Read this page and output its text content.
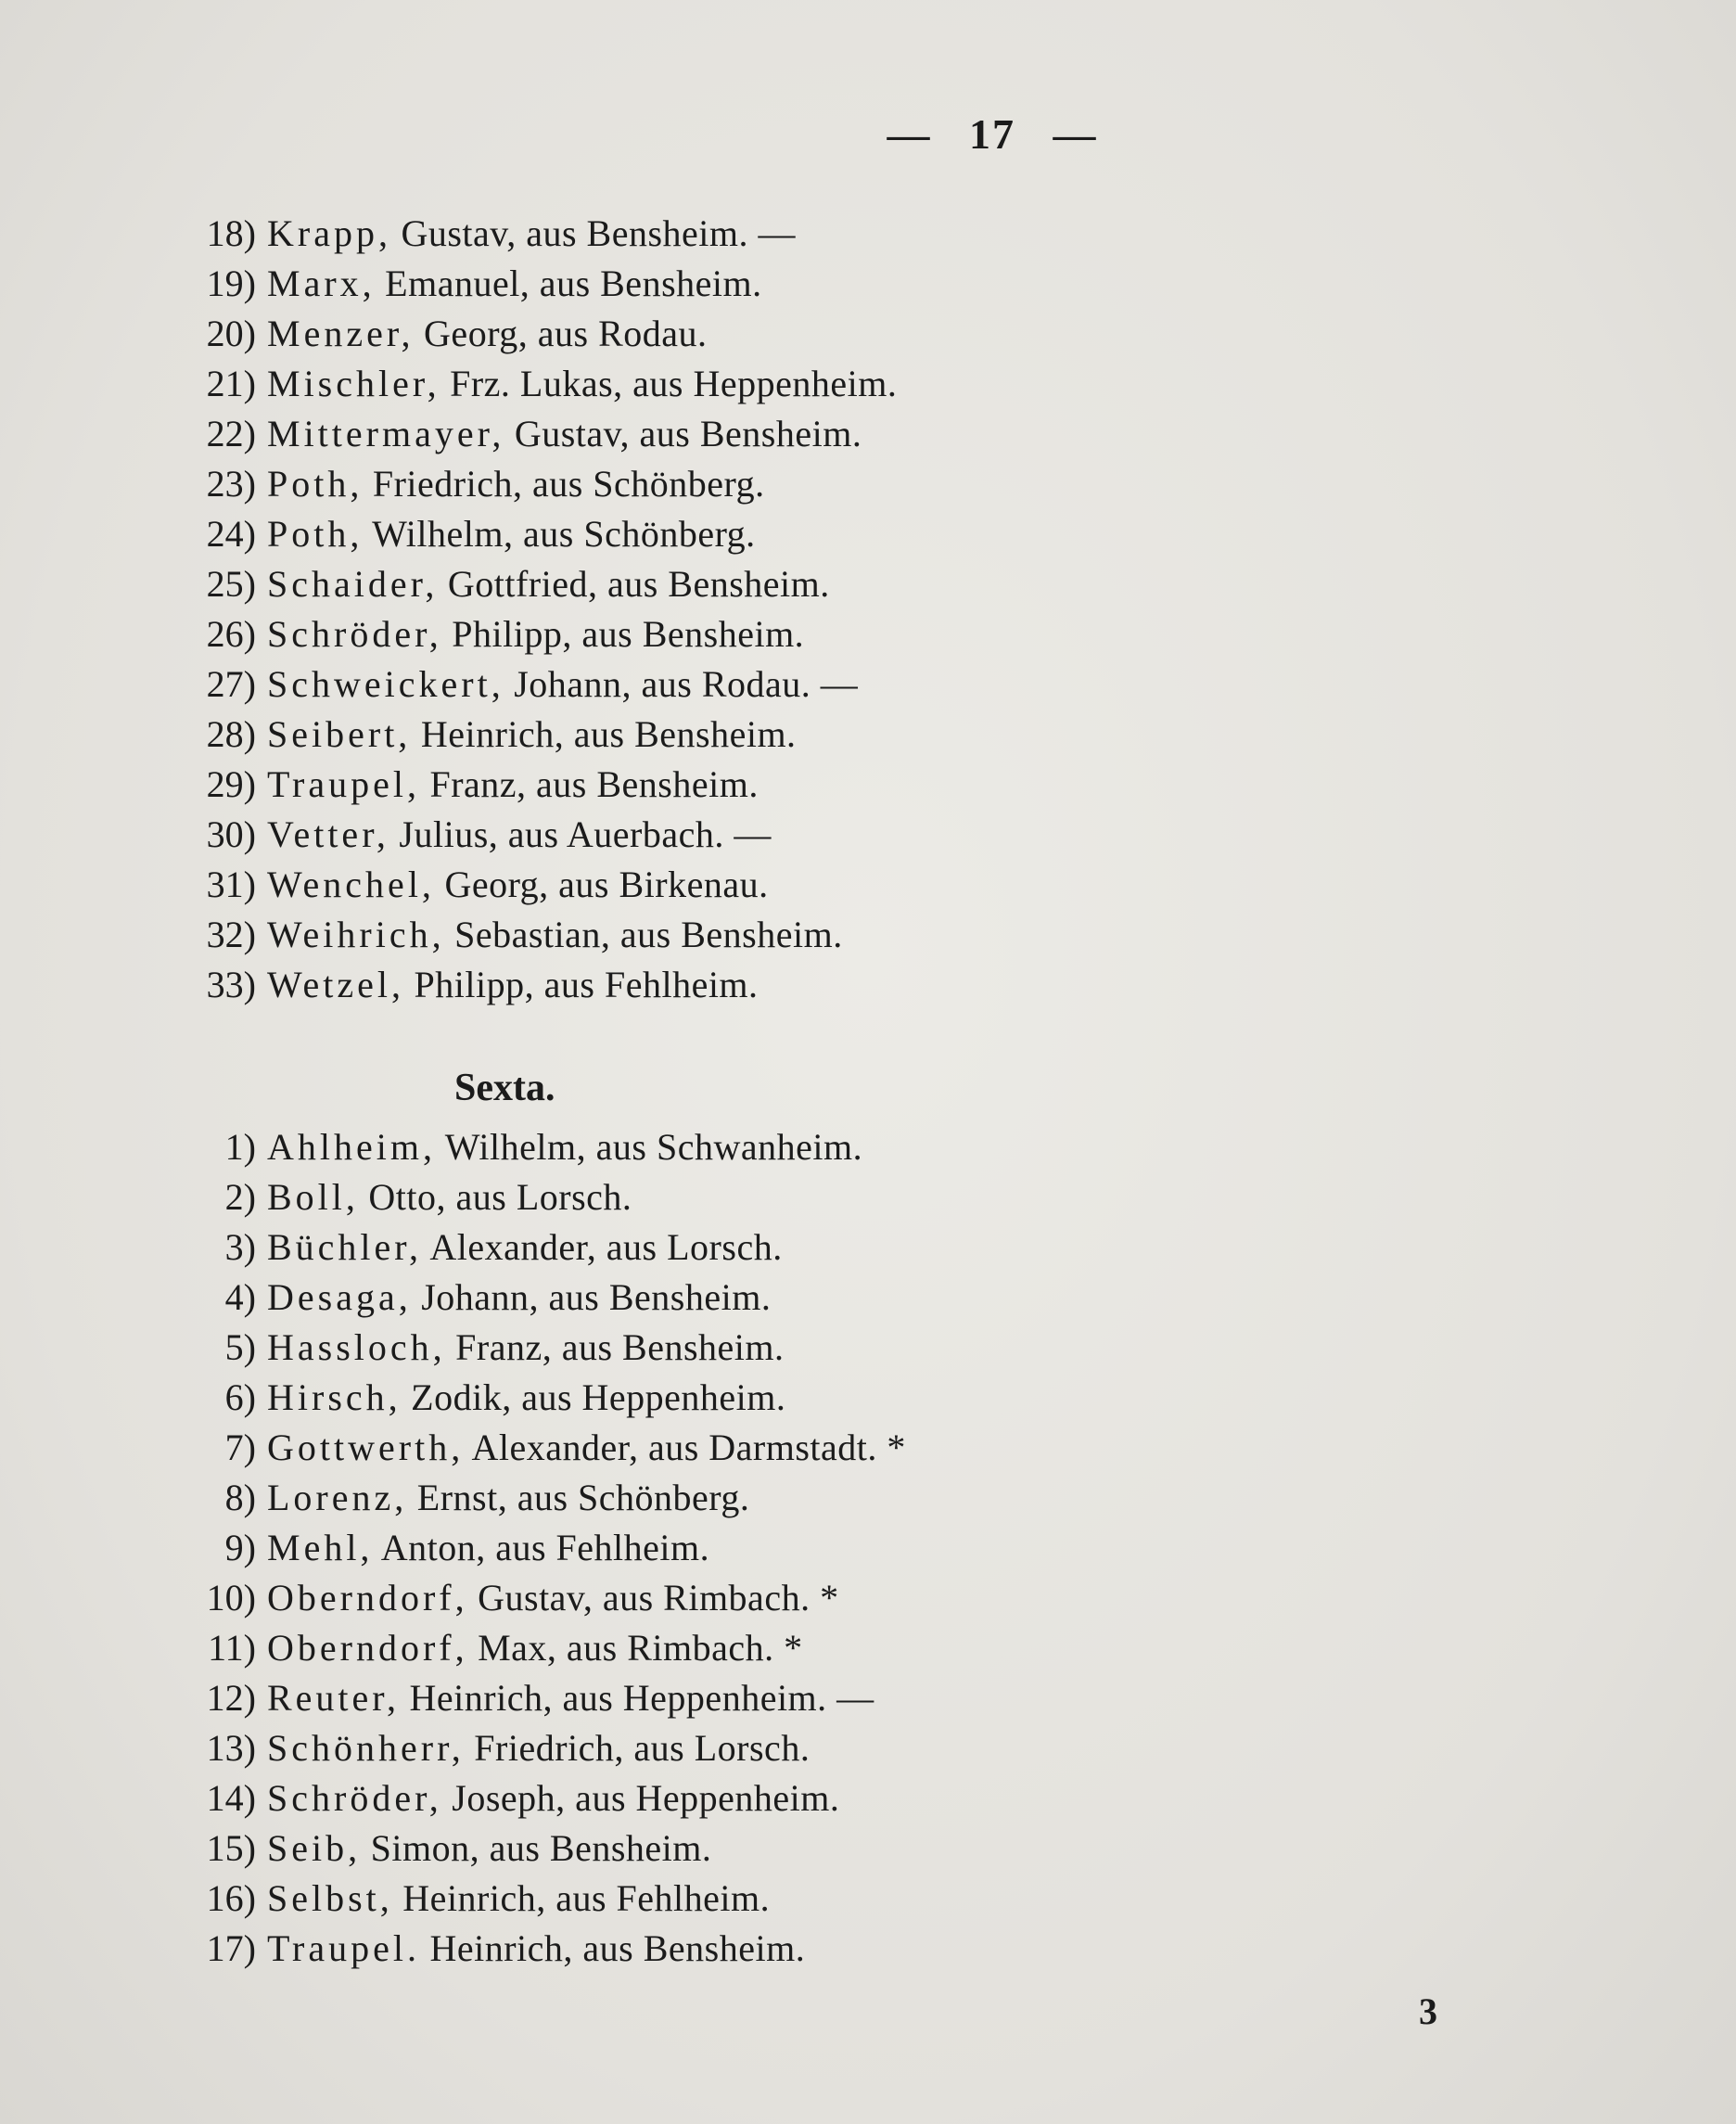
—   17   —
18) Krapp, Gustav, aus Bensheim. —
19) Marx, Emanuel, aus Bensheim.
20) Menzer, Georg, aus Rodau.
21) Mischler, Frz. Lukas, aus Heppenheim.
22) Mittermayer, Gustav, aus Bensheim.
23) Poth, Friedrich, aus Schönberg.
24) Poth, Wilhelm, aus Schönberg.
25) Schaider, Gottfried, aus Bensheim.
26) Schröder, Philipp, aus Bensheim.
27) Schweickert, Johann, aus Rodau. —
28) Seibert, Heinrich, aus Bensheim.
29) Traupel, Franz, aus Bensheim.
30) Vetter, Julius, aus Auerbach. —
31) Wenchel, Georg, aus Birkenau.
32) Weihrich, Sebastian, aus Bensheim.
33) Wetzel, Philipp, aus Fehlheim.
Sexta.
1) Ahlheim, Wilhelm, aus Schwanheim.
2) Boll, Otto, aus Lorsch.
3) Büchler, Alexander, aus Lorsch.
4) Desaga, Johann, aus Bensheim.
5) Hassloch, Franz, aus Bensheim.
6) Hirsch, Zodik, aus Heppenheim.
7) Gottwerth, Alexander, aus Darmstadt. *
8) Lorenz, Ernst, aus Schönberg.
9) Mehl, Anton, aus Fehlheim.
10) Oberndorf, Gustav, aus Rimbach. *
11) Oberndorf, Max, aus Rimbach. *
12) Reuter, Heinrich, aus Heppenheim. —
13) Schönherr, Friedrich, aus Lorsch.
14) Schröder, Joseph, aus Heppenheim.
15) Seib, Simon, aus Bensheim.
16) Selbst, Heinrich, aus Fehlheim.
17) Traupel. Heinrich, aus Bensheim.
3
